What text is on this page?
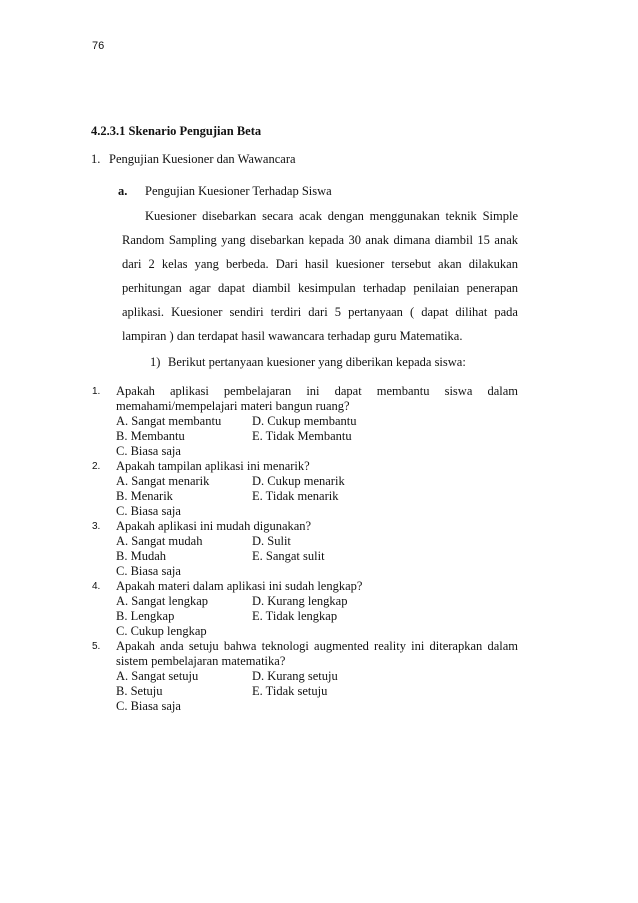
76
4.2.3.1 Skenario Pengujian Beta
1. Pengujian Kuesioner dan Wawancara
a. Pengujian Kuesioner Terhadap Siswa

Kuesioner disebarkan secara acak dengan menggunakan teknik Simple Random Sampling yang disebarkan kepada 30 anak dimana diambil 15 anak dari 2 kelas yang berbeda. Dari hasil kuesioner tersebut akan dilakukan perhitungan agar dapat diambil kesimpulan terhadap penilaian penerapan aplikasi. Kuesioner sendiri terdiri dari 5 pertanyaan ( dapat dilihat pada lampiran ) dan terdapat hasil wawancara terhadap guru Matematika.

1) Berikut pertanyaan kuesioner yang diberikan kepada siswa:
1. Apakah aplikasi pembelajaran ini dapat membantu siswa dalam
memahami/mempelajari materi bangun ruang?
A. Sangat membantu	D. Cukup membantu
B. Membantu	E. Tidak Membantu
C. Biasa saja
2. Apakah tampilan aplikasi ini menarik?
A. Sangat menarik	D. Cukup menarik
B. Menarik	E. Tidak menarik
C. Biasa saja
3. Apakah aplikasi ini mudah digunakan?
A. Sangat mudah	D. Sulit
B. Mudah	E. Sangat sulit
C. Biasa saja
4. Apakah materi dalam aplikasi ini sudah lengkap?
A. Sangat lengkap	D. Kurang lengkap
B. Lengkap	E. Tidak lengkap
C. Cukup lengkap
5. Apakah anda setuju bahwa teknologi augmented reality ini diterapkan dalam
sistem pembelajaran matematika?
A. Sangat setuju	D. Kurang setuju
B. Setuju	E. Tidak setuju
C. Biasa saja
